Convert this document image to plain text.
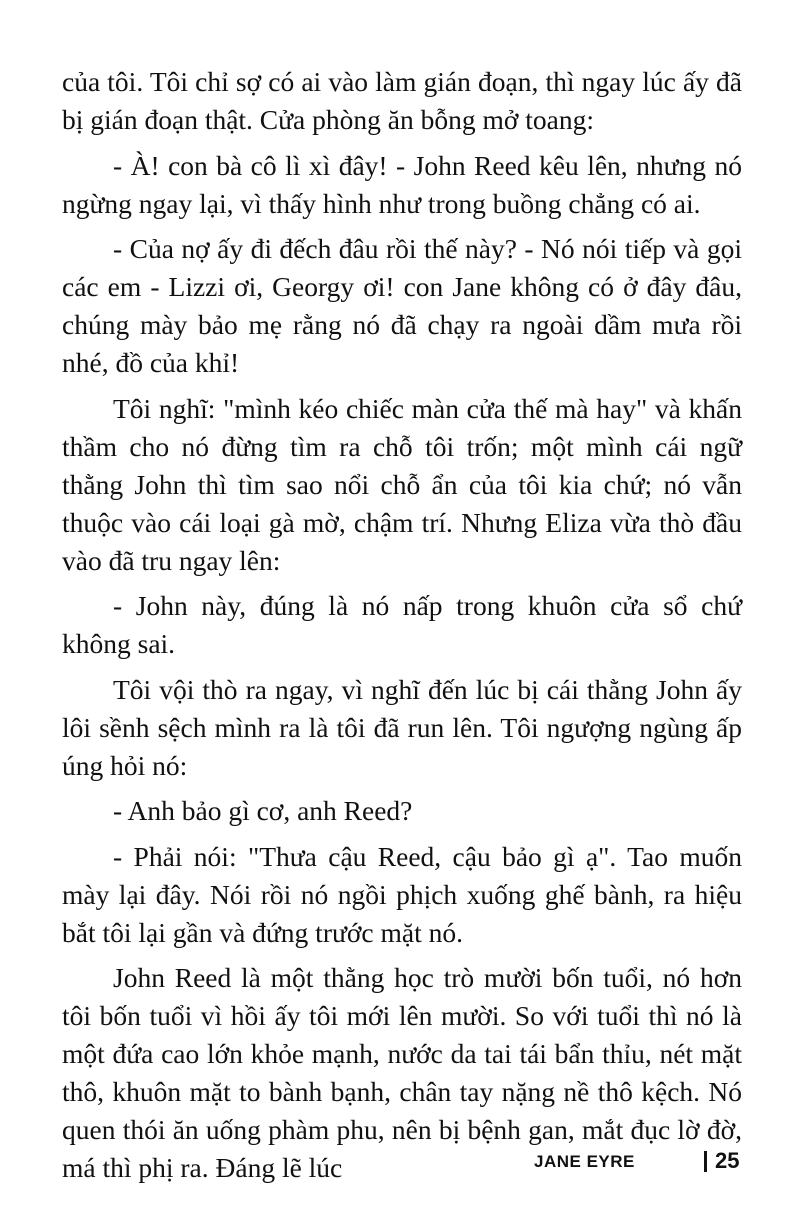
của tôi. Tôi chỉ sợ có ai vào làm gián đoạn, thì ngay lúc ấy đã bị gián đoạn thật. Cửa phòng ăn bỗng mở toang:

- À! con bà cô lì xì đây! - John Reed kêu lên, nhưng nó ngừng ngay lại, vì thấy hình như trong buồng chẳng có ai.

- Của nợ ấy đi đếch đâu rồi thế này? - Nó nói tiếp và gọi các em - Lizzi ơi, Georgy ơi! con Jane không có ở đây đâu, chúng mày bảo mẹ rằng nó đã chạy ra ngoài dầm mưa rồi nhé, đồ của khỉ!

Tôi nghĩ: "mình kéo chiếc màn cửa thế mà hay" và khấn thầm cho nó đừng tìm ra chỗ tôi trốn; một mình cái ngữ thằng John thì tìm sao nổi chỗ ẩn của tôi kia chứ; nó vẫn thuộc vào cái loại gà mờ, chậm trí. Nhưng Eliza vừa thò đầu vào đã tru ngay lên:

- John này, đúng là nó nấp trong khuôn cửa sổ chứ không sai.

Tôi vội thò ra ngay, vì nghĩ đến lúc bị cái thằng John ấy lôi sềnh sệch mình ra là tôi đã run lên. Tôi ngượng ngùng ấp úng hỏi nó:

- Anh bảo gì cơ, anh Reed?

- Phải nói: "Thưa cậu Reed, cậu bảo gì ạ". Tao muốn mày lại đây. Nói rồi nó ngồi phịch xuống ghế bành, ra hiệu bắt tôi lại gần và đứng trước mặt nó.

John Reed là một thằng học trò mười bốn tuổi, nó hơn tôi bốn tuổi vì hồi ấy tôi mới lên mười. So với tuổi thì nó là một đứa cao lớn khỏe mạnh, nước da tai tái bẩn thỉu, nét mặt thô, khuôn mặt to bành bạnh, chân tay nặng nề thô kệch. Nó quen thói ăn uống phàm phu, nên bị bệnh gan, mắt đục lờ đờ, má thì phị ra. Đáng lẽ lúc	JANE EYRE	25
